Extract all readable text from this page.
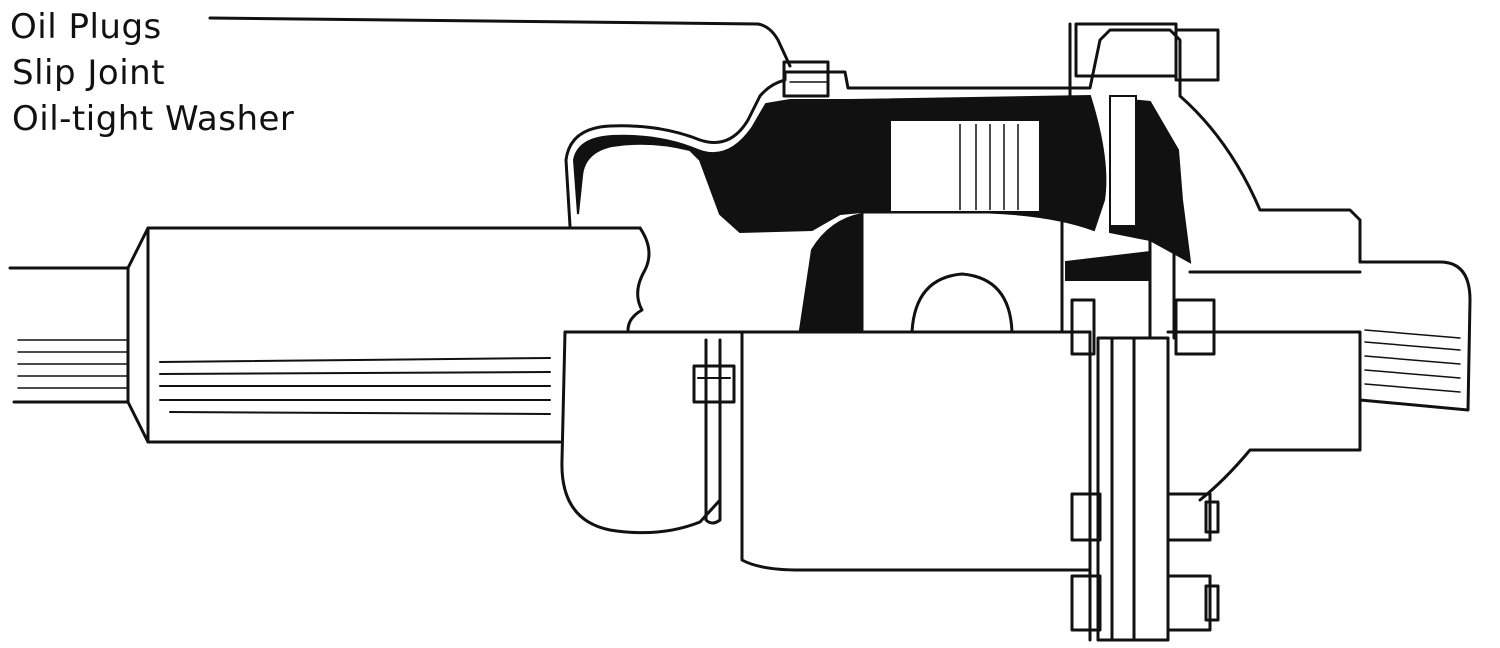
Oil Plugs
Slip Joint
Oil-tight Washer
